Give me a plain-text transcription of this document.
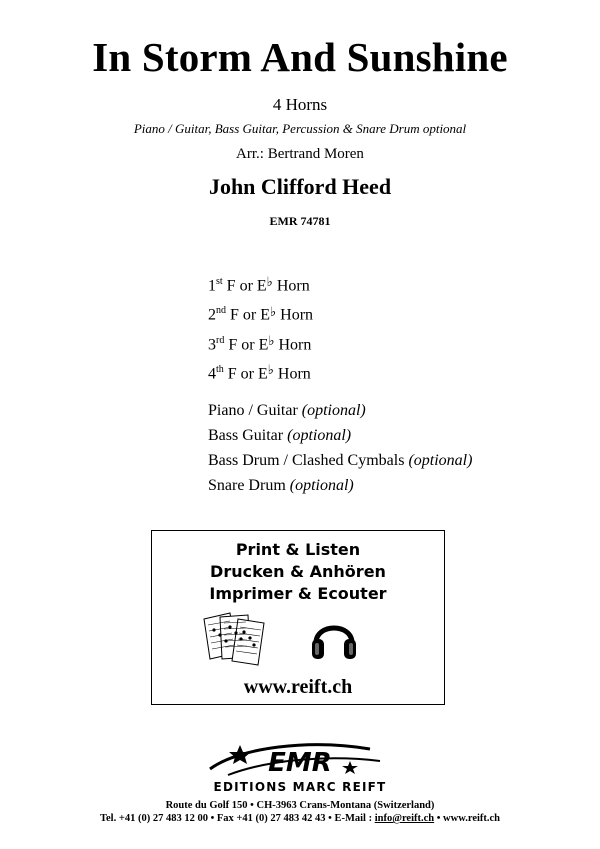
In Storm And Sunshine
4 Horns
Piano / Guitar, Bass Guitar, Percussion & Snare Drum optional
Arr.: Bertrand Moren
John Clifford Heed
EMR 74781
1st F or E♭ Horn
2nd F or E♭ Horn
3rd F or E♭ Horn
4th F or E♭ Horn
Piano / Guitar (optional)
Bass Guitar (optional)
Bass Drum / Clashed Cymbals (optional)
Snare Drum (optional)
Print & Listen
Drucken & Anhören
Imprimer & Ecouter
www.reift.ch
EMR
EDITIONS MARC REIFT
Route du Golf 150 • CH-3963 Crans-Montana (Switzerland)
Tel. +41 (0) 27 483 12 00 • Fax +41 (0) 27 483 42 43 • E-Mail : info@reift.ch • www.reift.ch
